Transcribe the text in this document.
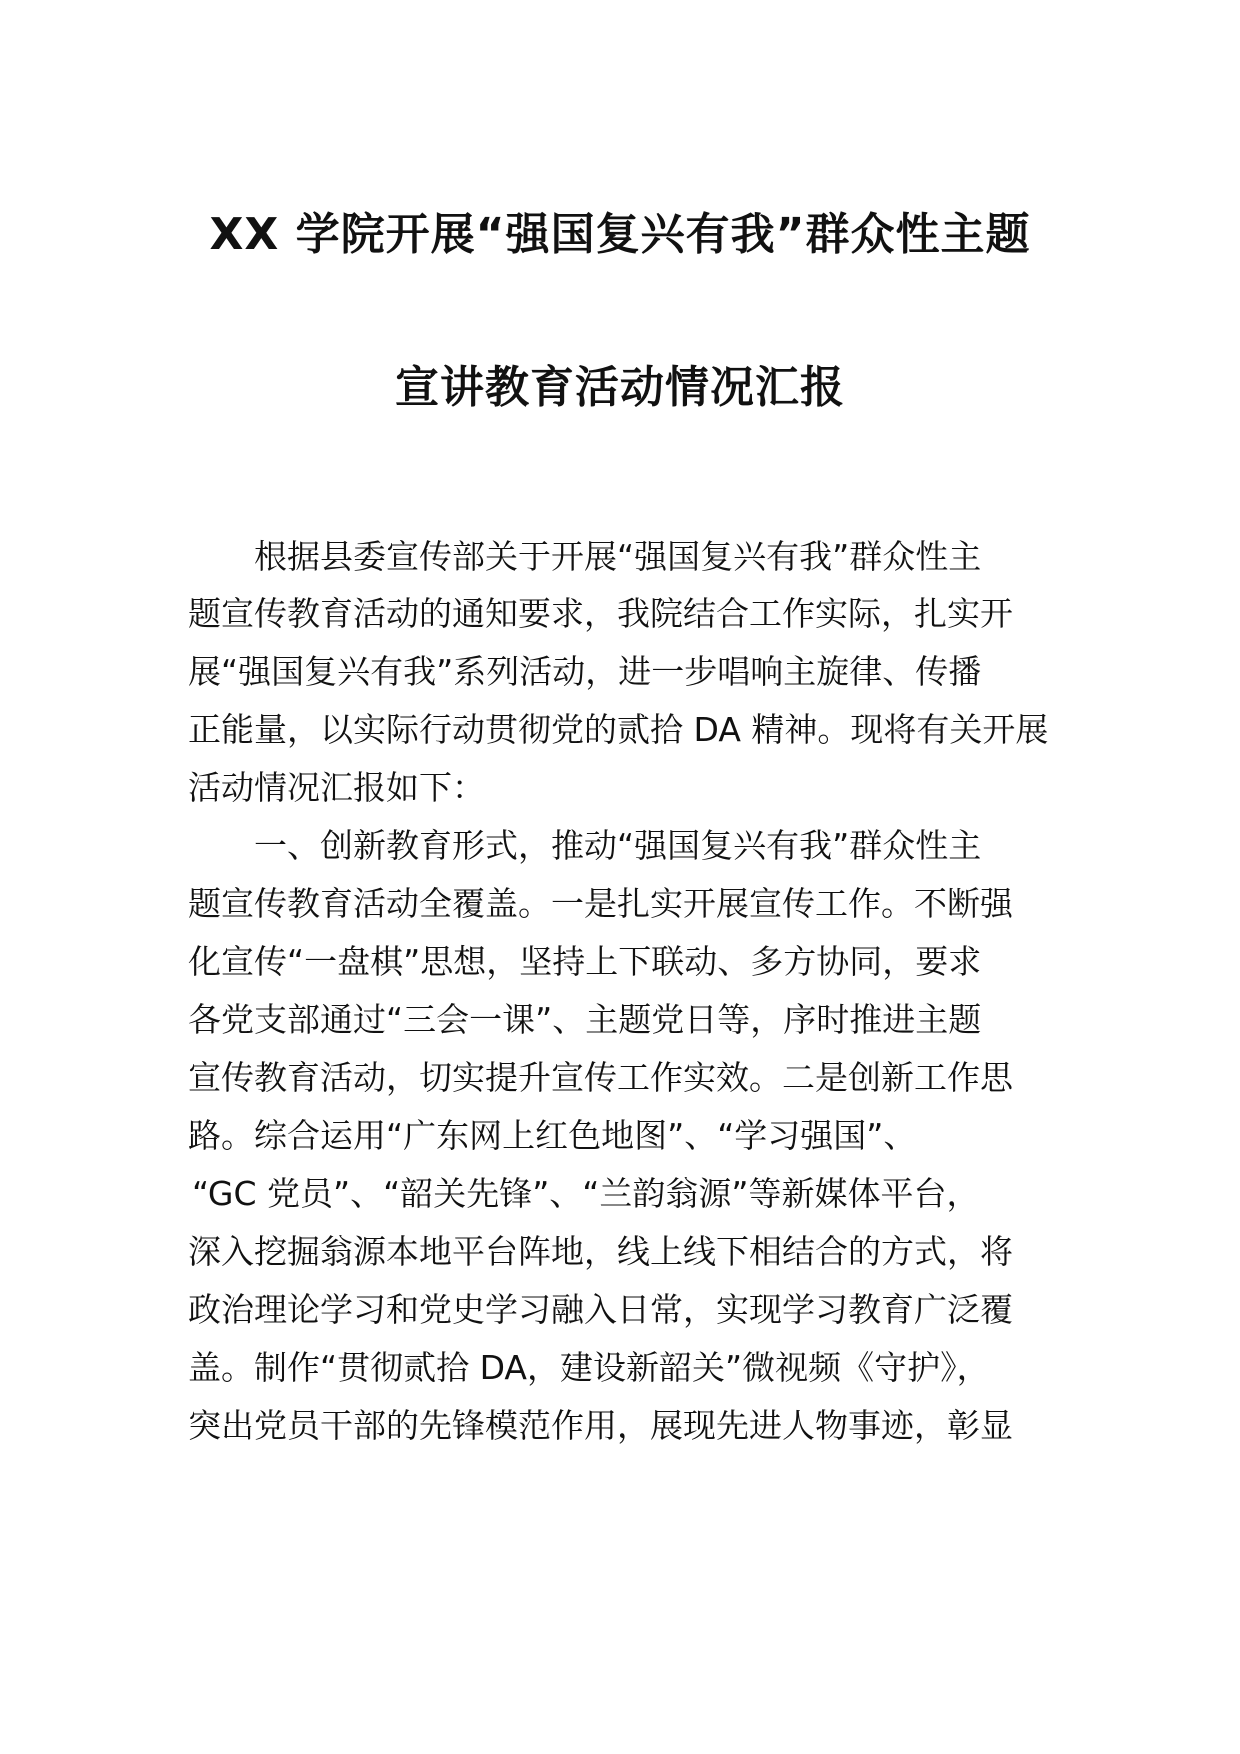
XX 学院开展“强国复兴有我”群众性主题
宣讲教育活动情况汇报
根据县委宣传部关于开展“强国复兴有我”群众性主
题宣传教育活动的通知要求，我院结合工作实际，扎实开
展“强国复兴有我”系列活动，进一步唱响主旋律、传播
正能量，以实际行动贯彻党的贰拾 DA 精神。现将有关开展
活动情况汇报如下：
一、创新教育形式，推动“强国复兴有我”群众性主
题宣传教育活动全覆盖。一是扎实开展宣传工作。不断强
化宣传“一盘棋”思想，坚持上下联动、多方协同，要求
各党支部通过“三会一课”、主题党日等，序时推进主题
宣传教育活动，切实提升宣传工作实效。二是创新工作思
路。综合运用“广东网上红色地图”、“学习强国”、
“GC 党员”、“韶关先锋”、“兰韵翁源”等新媒体平台，
深入挖掘翁源本地平台阵地，线上线下相结合的方式，将
政治理论学习和党史学习融入日常，实现学习教育广泛覆
盖。制作“贯彻贰拾 DA，建设新韶关”微视频《守护》，
突出党员干部的先锋模范作用，展现先进人物事迹，彰显
